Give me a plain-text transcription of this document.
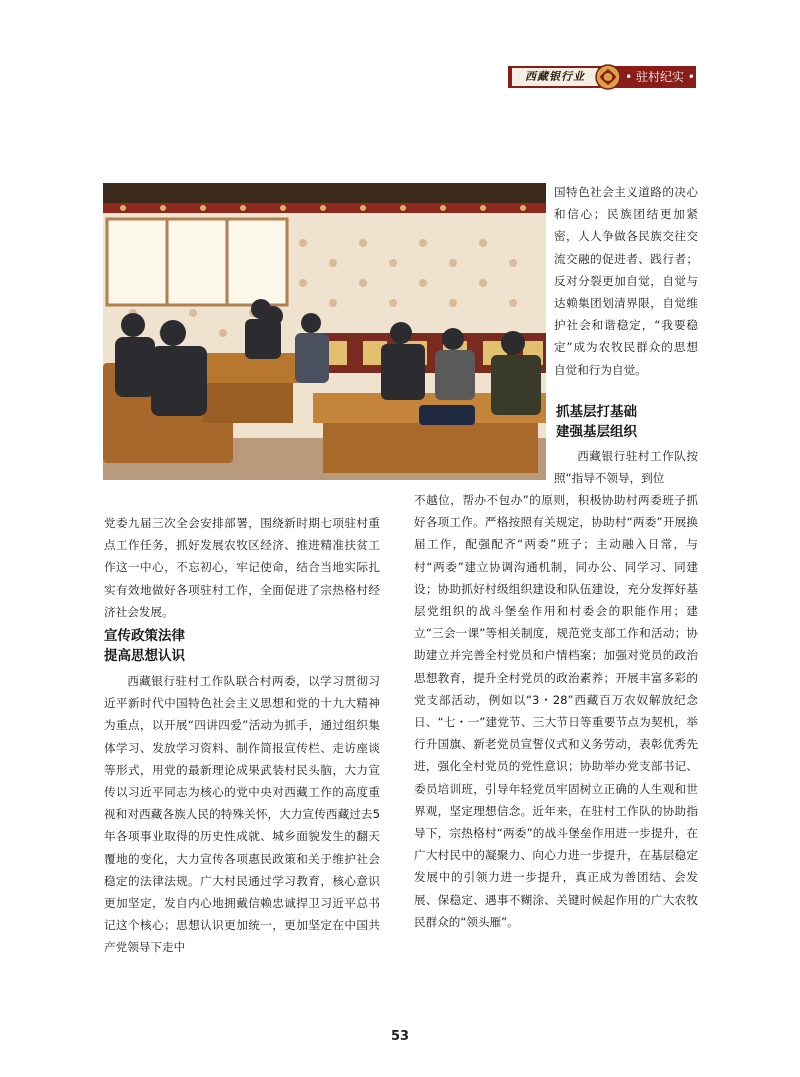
西藏银行业	• 驻村纪实 •

国特色社会主义道路的决心和信心；民族团结更加紧密，人人争做各民族交往交流交融的促进者、践行者；反对分裂更加自觉，自觉与达赖集团划清界限，自觉维护社会和谐稳定，“我要稳定”成为农牧民群众的思想自觉和行为自觉。

抓基层打基础
建强基层组织

西藏银行驻村工作队按照“指导不领导，到位

不越位，帮办不包办”的原则，积极协助村两委班子抓好各项工作。严格按照有关规定，协助村“两委”开展换届工作，配强配齐“两委”班子；主动融入日常，与村“两委”建立协调沟通机制，同办公、同学习、同建设；协助抓好村级组织建设和队伍建设，充分发挥好基层党组织的战斗堡垒作用和村委会的职能作用；建立“三会一课”等相关制度，规范党支部工作和活动；协助建立并完善全村党员和户情档案；加强对党员的政治思想教育，提升全村党员的政治素养；开展丰富多彩的党支部活动，例如以“3・28”西藏百万农奴解放纪念日、“七・一”建党节、三大节日等重要节点为契机，举行升国旗、新老党员宣誓仪式和义务劳动，表彰优秀先进，强化全村党员的党性意识；协助举办党支部书记、委员培训班，引导年轻党员牢固树立正确的人生观和世界观，坚定理想信念。近年来，在驻村工作队的协助指导下，宗热格村“两委”的战斗堡垒作用进一步提升，在广大村民中的凝聚力、向心力进一步提升，在基层稳定发展中的引领力进一步提升，真正成为善团结、会发展、保稳定、遇事不糊涂、关键时候起作用的广大农牧民群众的“领头雁”。

党委九届三次全会安排部署，围绕新时期七项驻村重点工作任务，抓好发展农牧区经济、推进精准扶贫工作这一中心，不忘初心，牢记使命，结合当地实际扎实有效地做好各项驻村工作，全面促进了宗热格村经济社会发展。

宣传政策法律
提高思想认识

西藏银行驻村工作队联合村两委，以学习贯彻习近平新时代中国特色社会主义思想和党的十九大精神为重点，以开展“四讲四爱”活动为抓手，通过组织集体学习、发放学习资料、制作简报宣传栏、走访座谈等形式，用党的最新理论成果武装村民头脑，大力宣传以习近平同志为核心的党中央对西藏工作的高度重视和对西藏各族人民的特殊关怀，大力宣传西藏过去5年各项事业取得的历史性成就、城乡面貌发生的翻天覆地的变化，大力宣传各项惠民政策和关于维护社会稳定的法律法规。广大村民通过学习教育，核心意识更加坚定，发自内心地拥戴信赖忠诚捍卫习近平总书记这个核心；思想认识更加统一，更加坚定在中国共产党领导下走中

53
